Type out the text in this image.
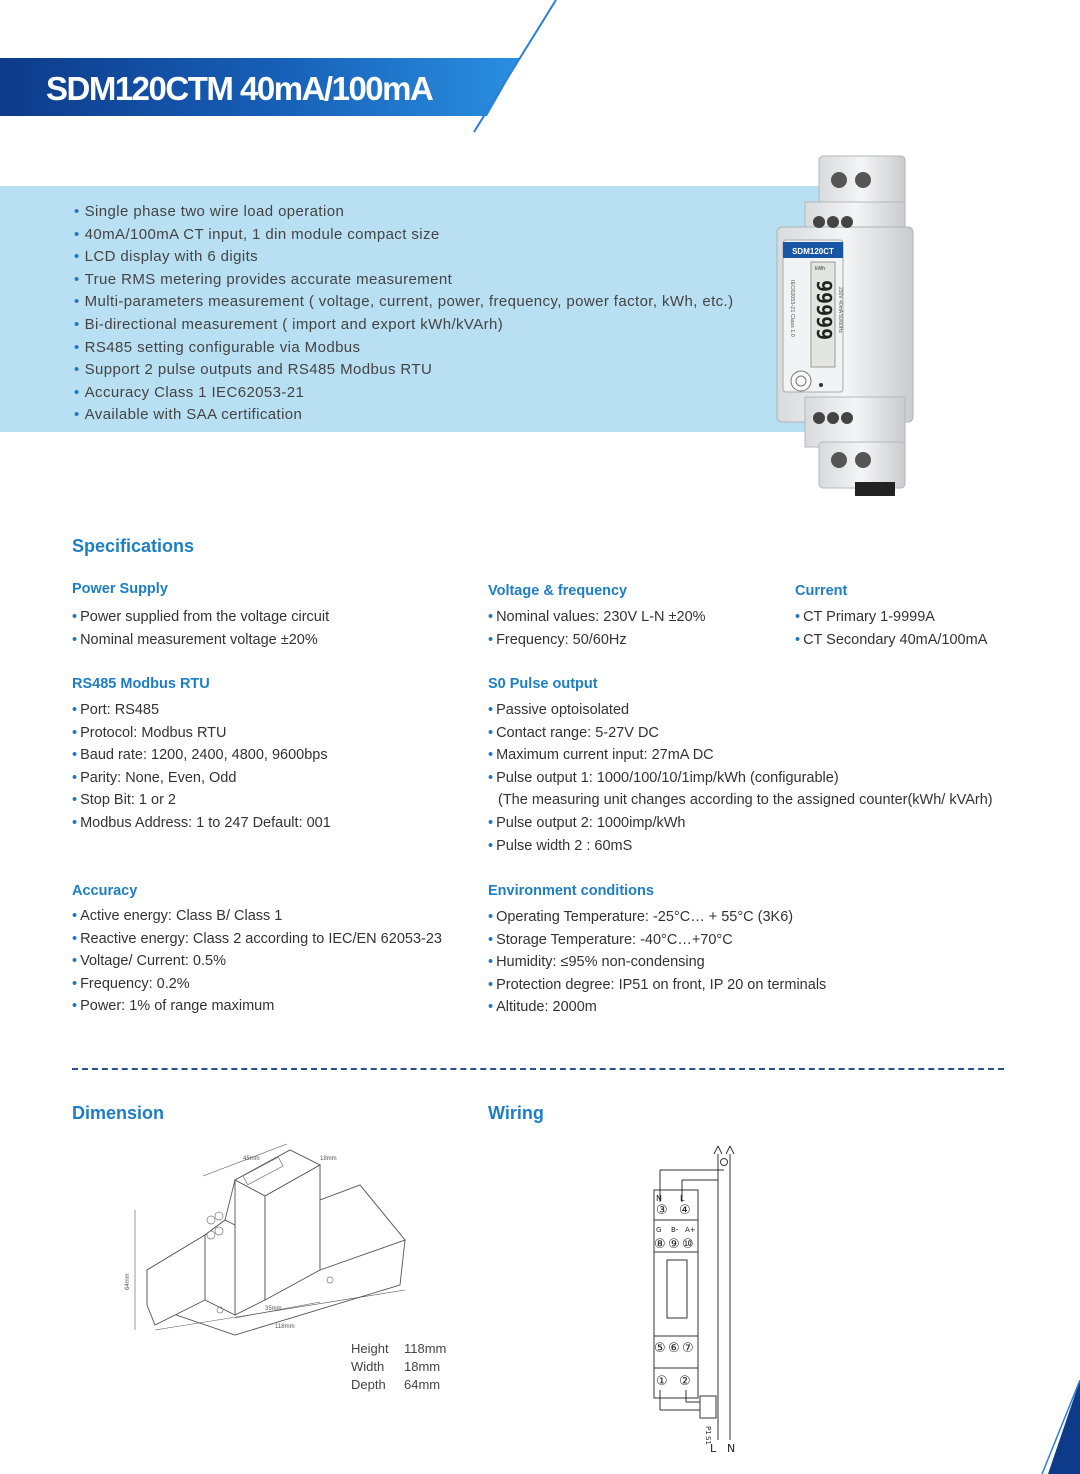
SDM120CTM 40mA/100mA
• Single phase two wire load operation
• 40mA/100mA CT input, 1 din module compact size
• LCD display with 6 digits
• True RMS metering provides accurate measurement
• Multi-parameters measurement ( voltage, current, power, frequency, power factor, kWh, etc.)
• Bi-directional measurement ( import and export kWh/kVArh)
• RS485 setting configurable via Modbus
• Support 2 pulse outputs and RS485 Modbus RTU
• Accuracy Class 1 IEC62053-21
• Available with SAA certification
SDM120CT
kWh
99999
IEC62053-21 Class 1.0	230V 40mA 50/60Hz
Specifications
Power Supply
• Power supplied from the voltage circuit
• Nominal measurement voltage ±20%
Voltage & frequency
• Nominal values: 230V L-N ±20%
• Frequency: 50/60Hz
Current
• CT Primary 1-9999A
• CT Secondary 40mA/100mA
RS485 Modbus RTU
• Port: RS485
• Protocol: Modbus RTU
• Baud rate: 1200, 2400, 4800, 9600bps
• Parity: None, Even, Odd
• Stop Bit: 1 or 2
• Modbus Address: 1 to 247 Default: 001
S0 Pulse output
• Passive optoisolated
• Contact range: 5-27V DC
• Maximum current input: 27mA DC
• Pulse output 1: 1000/100/10/1imp/kWh (configurable)
(The measuring unit changes according to the assigned counter(kWh/ kVArh)
• Pulse output 2: 1000imp/kWh
• Pulse width 2 : 60mS
Accuracy
• Active energy: Class B/ Class 1
• Reactive energy: Class 2 according to IEC/EN 62053-23
• Voltage/ Current: 0.5%
• Frequency: 0.2%
• Power: 1% of range maximum
Environment conditions
• Operating Temperature: -25°C… + 55°C (3K6)
• Storage Temperature: -40°C…+70°C
• Humidity: ≤95% non-condensing
• Protection degree: IP51 on front, IP 20 on terminals
• Altitude: 2000m
Dimension
45mm	18mm
64mm
35mm
118mm
Height	118mm
Width	18mm
Depth	64mm
Wiring
N L
G B- A+
③ ④
⑧ ⑨ ⑩
⑤ ⑥ ⑦
① ②
P1
S1
L N
